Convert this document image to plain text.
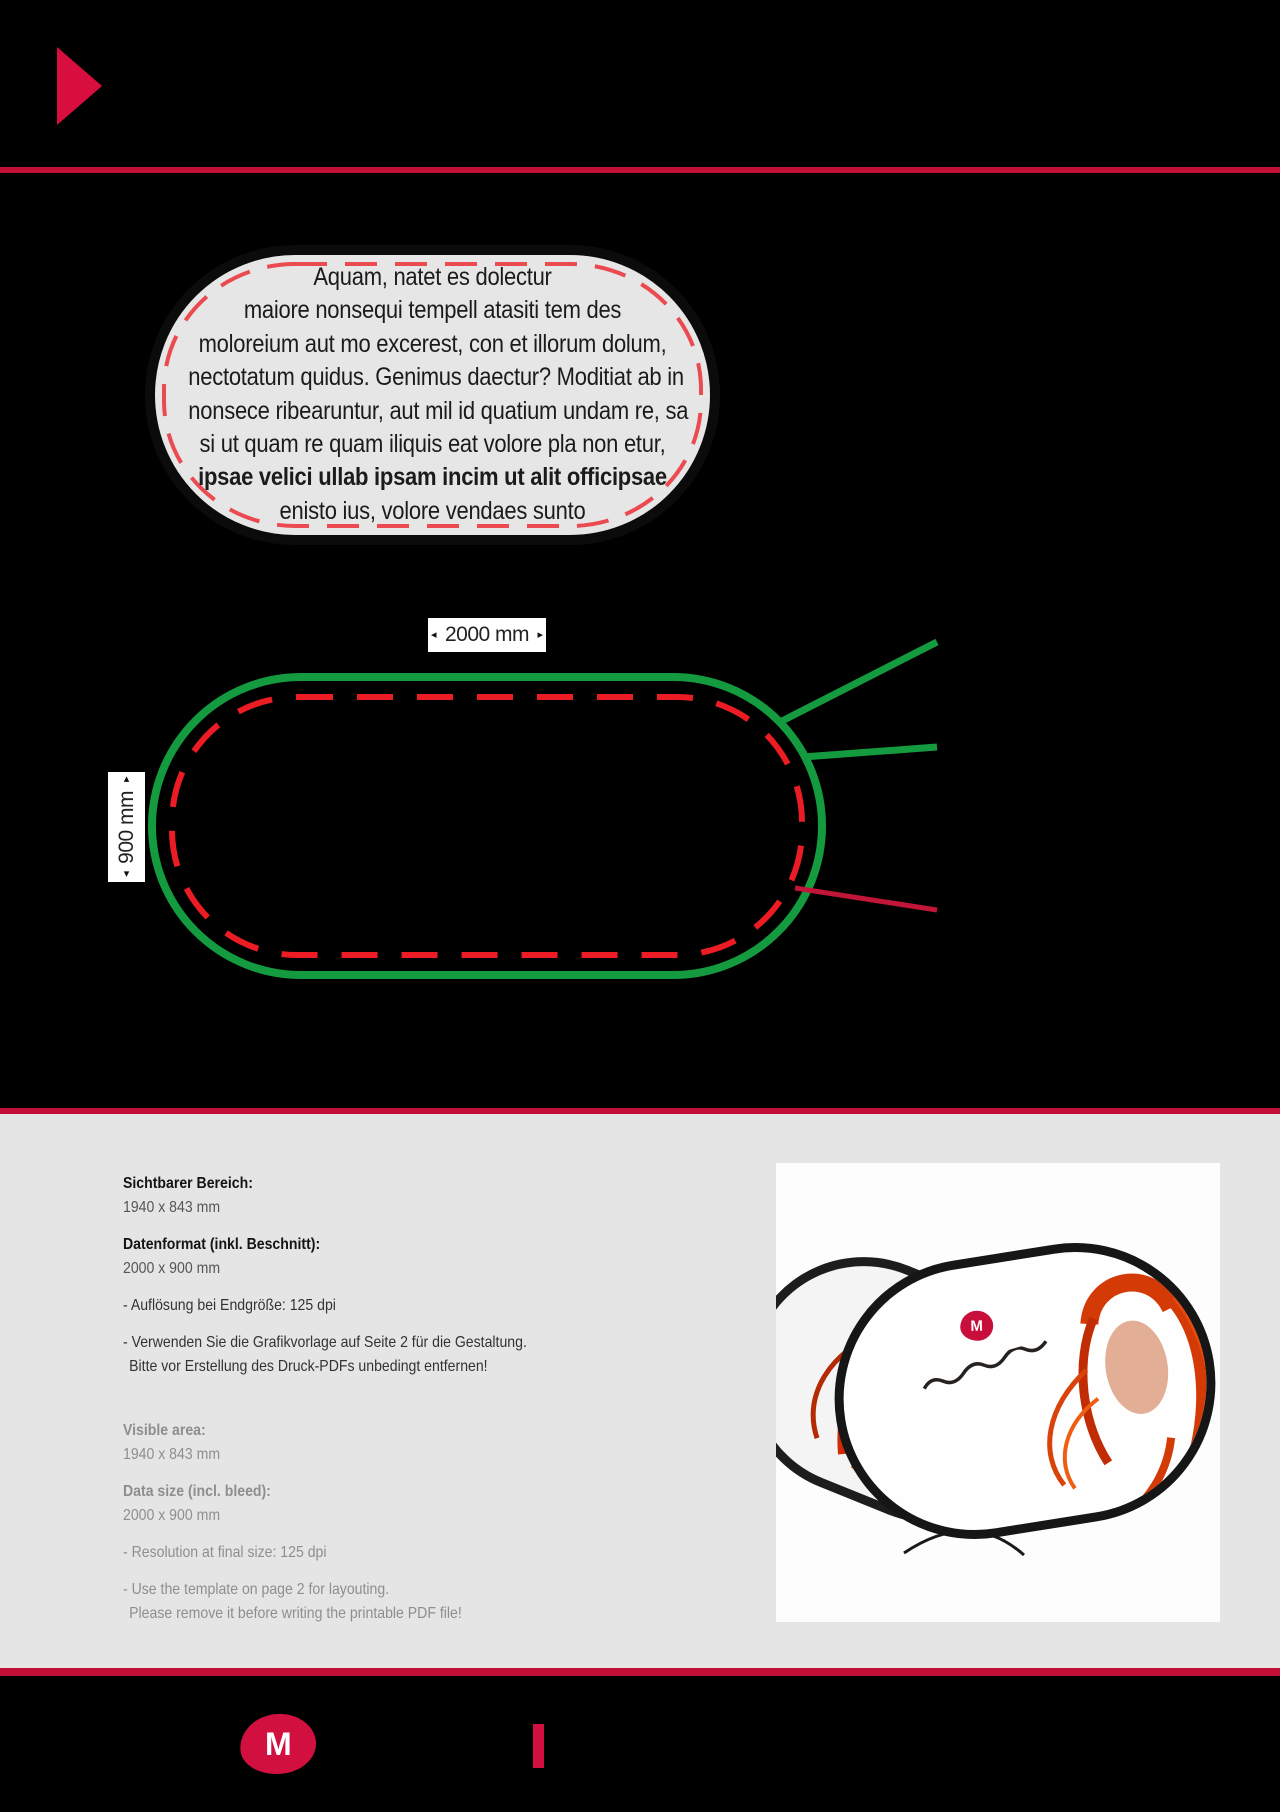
Aquam, natet es dolectur
maiore nonsequi tempell atasiti tem des
moloreium aut mo excerest, con et illorum dolum,
nectotatum quidus. Genimus daectur? Moditiat ab in
nonsece ribearuntur, aut mil id quatium undam re, sa
si ut quam re quam iliquis eat volore pla non etur,
ipsae velici ullab ipsam incim ut alit officipsae
enisto ius, volore vendaes sunto
◂ 2000 mm ▸
▴
900 mm
▾
Sichtbarer Bereich:
1940 x 843 mm
Datenformat (inkl. Beschnitt):
2000 x 900 mm
- Auflösung bei Endgröße: 125 dpi
- Verwenden Sie die Grafikvorlage auf Seite 2 für die Gestaltung.
Bitte vor Erstellung des Druck-PDFs unbedingt entfernen!
Visible area:
1940 x 843 mm
Data size (incl. bleed):
2000 x 900 mm
- Resolution at final size: 125 dpi
- Use the template on page 2 for layouting.
Please remove it before writing the printable PDF file!
M
M
